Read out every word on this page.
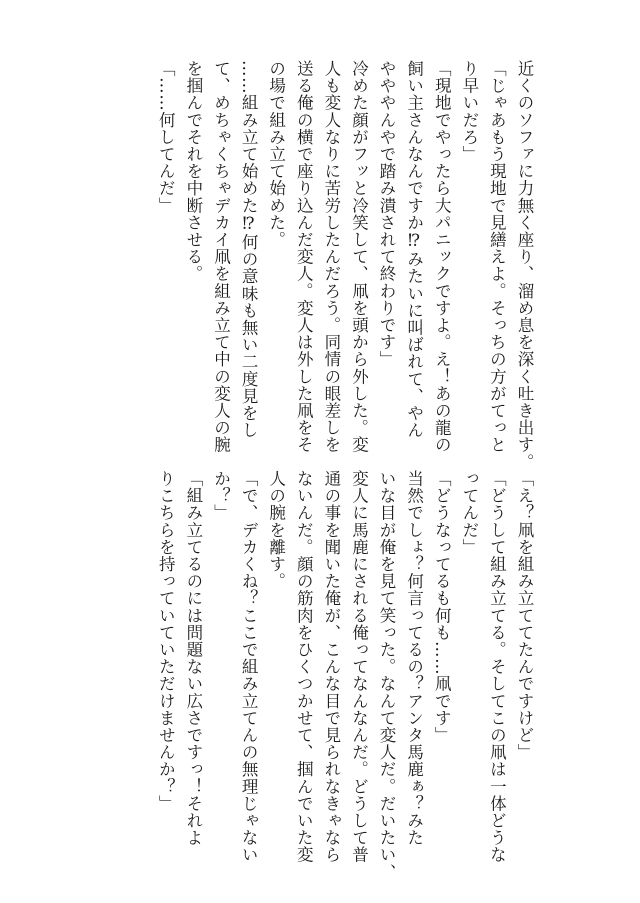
近くのソファに力無く座り、溜め息を深く吐き出す。
「じゃあもう現地で見繕えよ。そっちの方がてっと
り早いだろ」
「現地でやったら大パニックですよ。え！あの龍の
飼い主さんなんですか⁉みたいに叫ばれて、やん
やややんやで踏み潰されて終わりです」
冷めた顔がフッと冷笑して、凧を頭から外した。変
人も変人なりに苦労したんだろう。同情の眼差しを
送る俺の横で座り込んだ変人。変人は外した凧をそ
の場で組み立て始めた。
……組み立て始めた⁉何の意味も無い二度見をし
て、めちゃくちゃデカイ凧を組み立て中の変人の腕
を掴んでそれを中断させる。
「……何してんだ」
「え？凧を組み立ててたんですけど」
「どうして組み立てる。そしてこの凧は一体どうな
ってんだ」
「どうなってるも何も……凧です」
当然でしょ？何言ってるの？アンタ馬鹿ぁ？みた
いな目が俺を見て笑った。なんて変人だ。だいたい、
変人に馬鹿にされる俺ってなんなんだ。どうして普
通の事を聞いた俺が、こんな目で見られなきゃなら
ないんだ。顔の筋肉をひくつかせて、掴んでいた変
人の腕を離す。
「で、デカくね？ここで組み立てんの無理じゃない
か？」
「組み立てるのには問題ない広さですっ！それよ
りこちらを持っていていただけませんか？」
